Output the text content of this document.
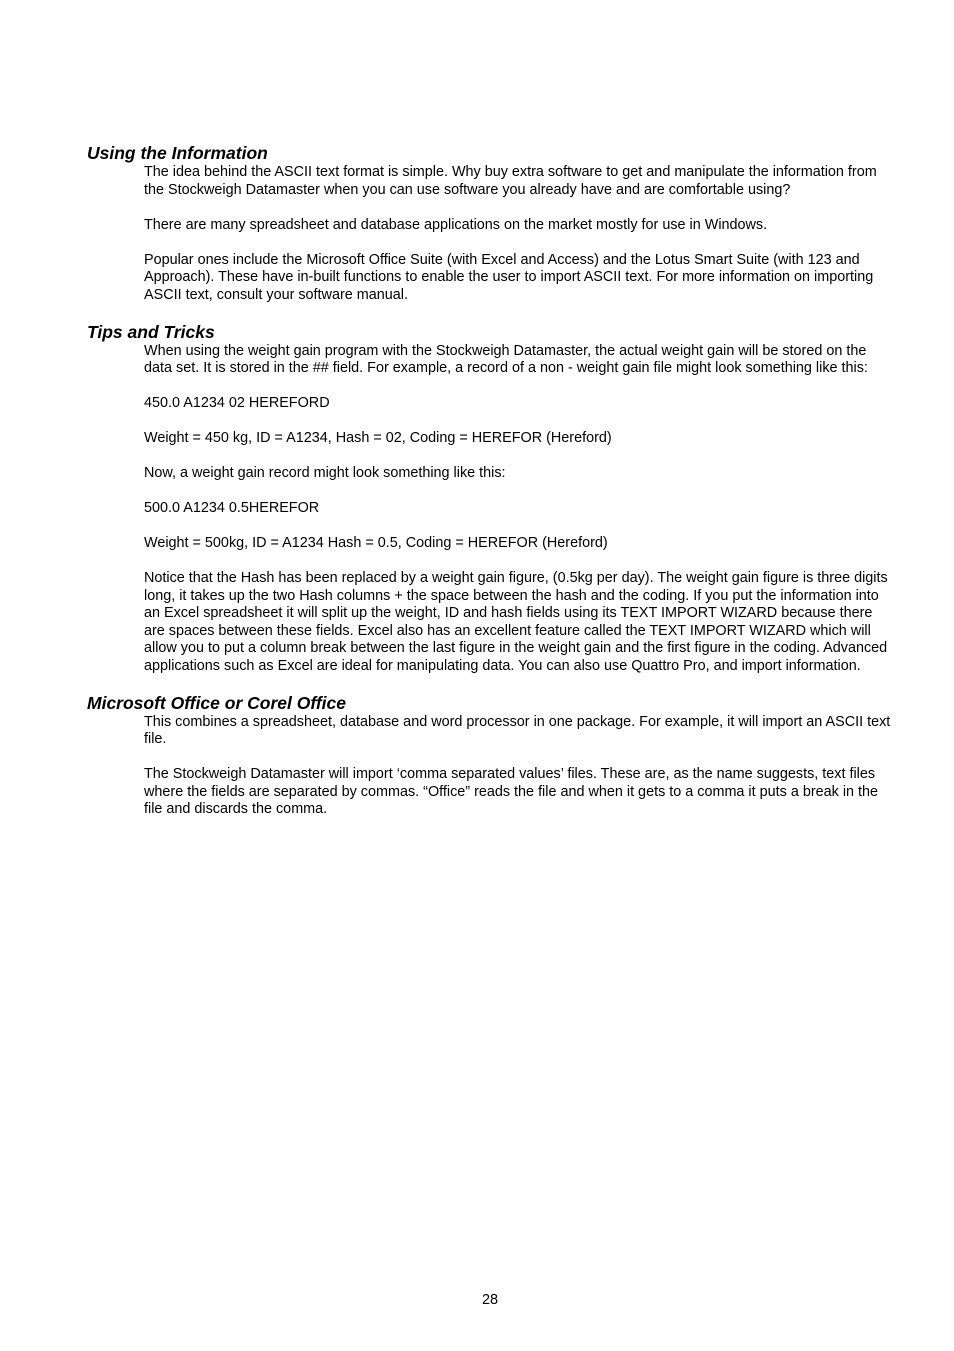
Using the Information

The idea behind the ASCII text format is simple. Why buy extra software to get and manipulate the information from the Stockweigh Datamaster when you can use software you already have and are comfortable using?

There are many spreadsheet and database applications on the market mostly for use in Windows.

Popular ones include the Microsoft Office Suite (with Excel and Access) and the Lotus Smart Suite (with 123 and Approach). These have in-built functions to enable the user to import ASCII text. For more information on importing ASCII text, consult your software manual.

Tips and Tricks

When using the weight gain program with the Stockweigh Datamaster, the actual weight gain will be stored on the data set. It is stored in the ## field. For example, a record of a non - weight gain file might look something like this:

450.0 A1234 02 HEREFORD

Weight = 450 kg, ID = A1234, Hash = 02, Coding = HEREFOR (Hereford)

Now, a weight gain record might look something like this:

500.0 A1234 0.5HEREFOR

Weight = 500kg, ID = A1234 Hash = 0.5, Coding = HEREFOR (Hereford)

Notice that the Hash has been replaced by a weight gain figure, (0.5kg per day). The weight gain figure is three digits long, it takes up the two Hash columns + the space between the hash and the coding. If you put the information into an Excel spreadsheet it will split up the weight, ID and hash fields using its TEXT IMPORT WIZARD because there are spaces between these fields. Excel also has an excellent feature called the TEXT IMPORT WIZARD which will allow you to put a column break between the last figure in the weight gain and the first figure in the coding. Advanced applications such as Excel are ideal for manipulating data. You can also use Quattro Pro, and import information.

Microsoft Office or Corel Office

This combines a spreadsheet, database and word processor in one package. For example, it will import an ASCII text file.

The Stockweigh Datamaster will import ‘comma separated values’ files. These are, as the name suggests, text files where the fields are separated by commas. “Office” reads the file and when it gets to a comma it puts a break in the file and discards the comma.

28
